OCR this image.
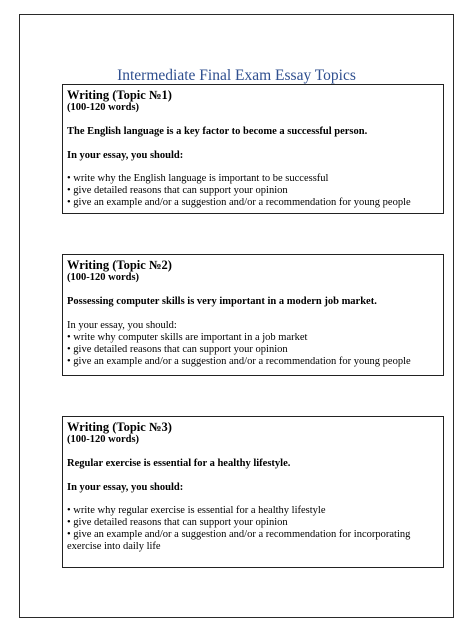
Intermediate Final Exam Essay Topics
Writing (Topic №1)
(100-120 words)
The English language is a key factor to become a successful person.
In your essay, you should:
• write why the English language is important to be successful
• give detailed reasons that can support your opinion
• give an example and/or a suggestion and/or a recommendation for young people
Writing (Topic №2)
(100-120 words)
Possessing computer skills is very important in a modern job market.
In your essay, you should:
• write why computer skills are important in a job market
• give detailed reasons that can support your opinion
• give an example and/or a suggestion and/or a recommendation for young people
Writing (Topic №3)
(100-120 words)
Regular exercise is essential for a healthy lifestyle.
In your essay, you should:
• write why regular exercise is essential for a healthy lifestyle
• give detailed reasons that can support your opinion
• give an example and/or a suggestion and/or a recommendation for incorporating exercise into daily life
